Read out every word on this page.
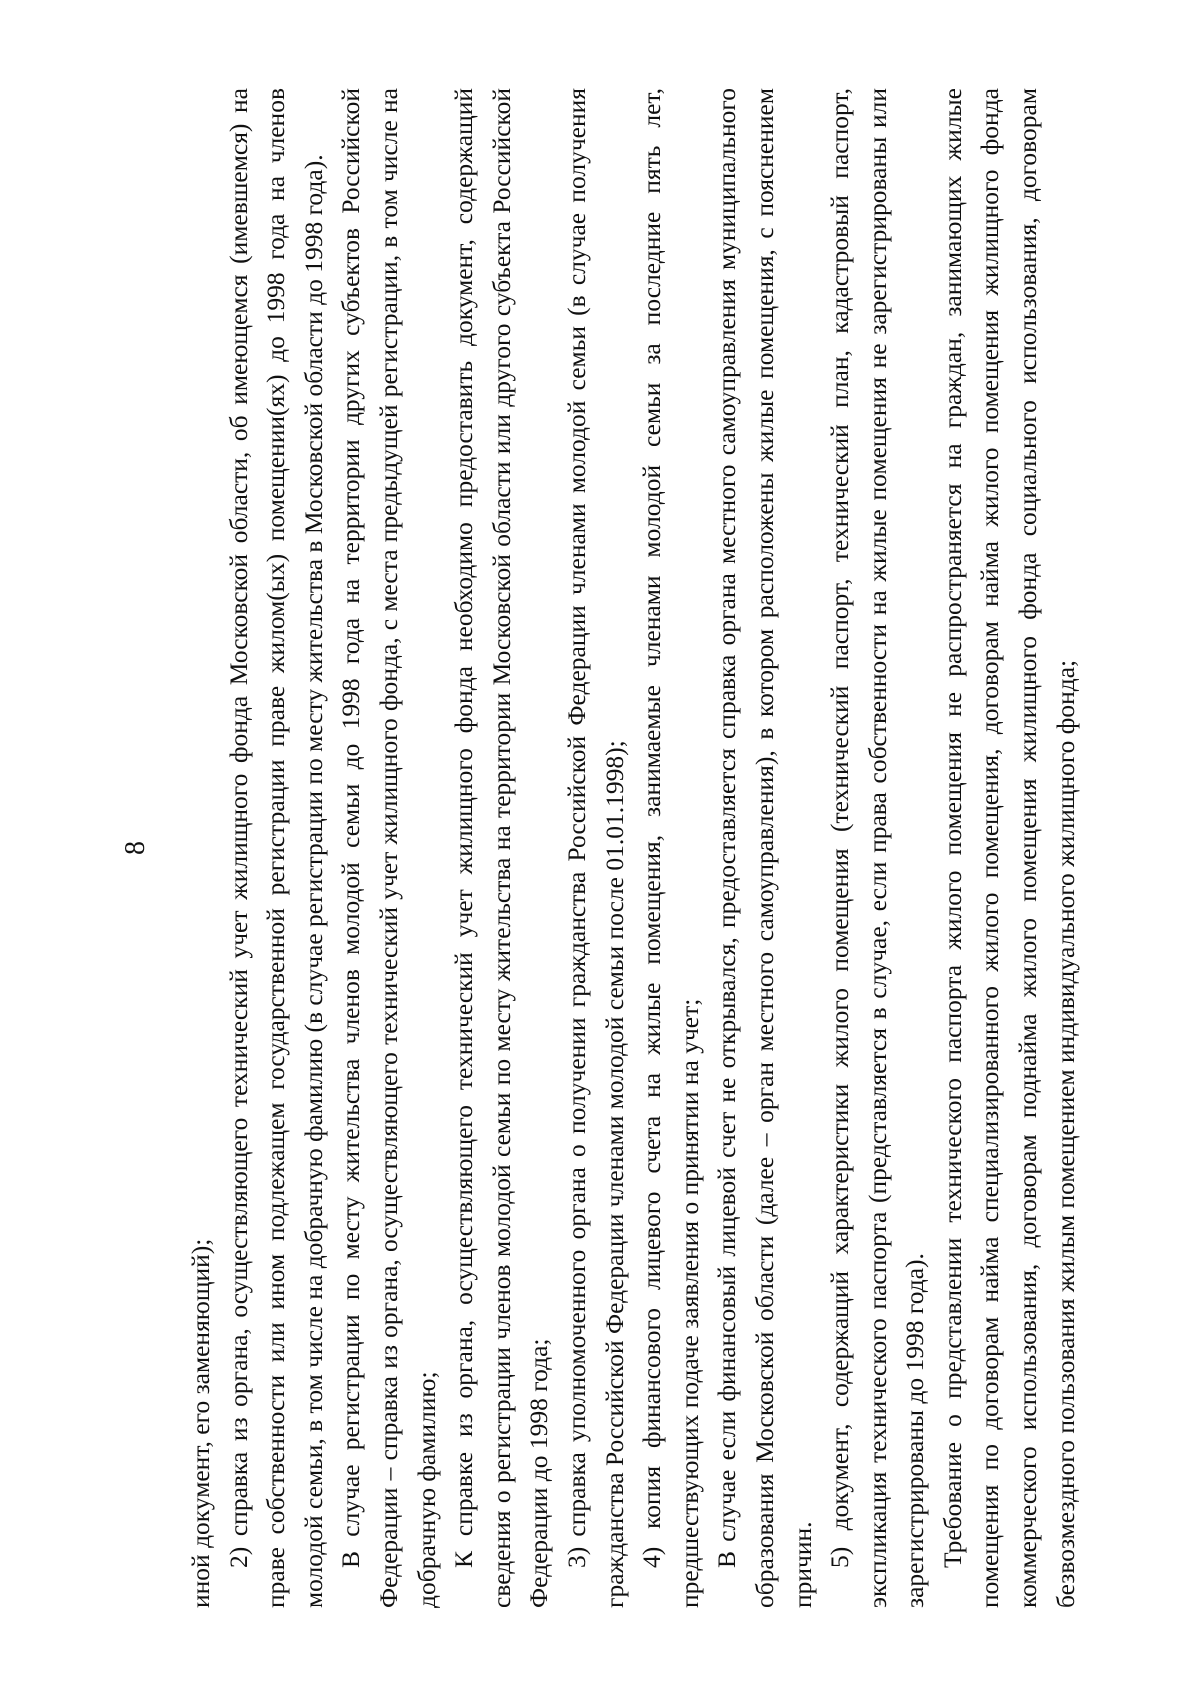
8

иной документ, его заменяющий); 2) справка из органа, осуществляющего технический учет жилищного фонда Московской области, об имеющемся (имевшемся) на праве собственности или ином подлежащем государственной регистрации праве жилом(ых) помещении(ях) до 1998 года на членов молодой семьи, в том числе на добрачную фамилию (в случае регистрации по месту жительства в Московской области до 1998 года). В случае регистрации по месту жительства членов молодой семьи до 1998 года на территории других субъектов Российской Федерации – справка из органа, осуществляющего технический учет жилищного фонда, с места предыдущей регистрации, в том числе на добрачную фамилию; К справке из органа, осуществляющего технический учет жилищного фонда необходимо предоставить документ, содержащий сведения о регистрации членов молодой семьи по месту жительства на территории Московской области или другого субъекта Российской Федерации до 1998 года; 3) справка уполномоченного органа о получении гражданства Российской Федерации членами молодой семьи (в случае получения гражданства Российской Федерации членами молодой семьи после 01.01.1998); 4) копия финансового лицевого счета на жилые помещения, занимаемые членами молодой семьи за последние пять лет, предшествующих подаче заявления о принятии на учет; В случае если финансовый лицевой счет не открывался, предоставляется справка органа местного самоуправления муниципального образования Московской области (далее – орган местного самоуправления), в котором расположены жилые помещения, с пояснением причин. 5) документ, содержащий характеристики жилого помещения (технический паспорт, технический план, кадастровый паспорт, экспликация технического паспорта (представляется в случае, если права собственности на жилые помещения не зарегистрированы или зарегистрированы до 1998 года). Требование о представлении технического паспорта жилого помещения не распространяется на граждан, занимающих жилые помещения по договорам найма специализированного жилого помещения, договорам найма жилого помещения жилищного фонда коммерческого использования, договорам поднайма жилого помещения жилищного фонда социального использования, договорам безвозмездного пользования жилым помещением индивидуального жилищного фонда;
